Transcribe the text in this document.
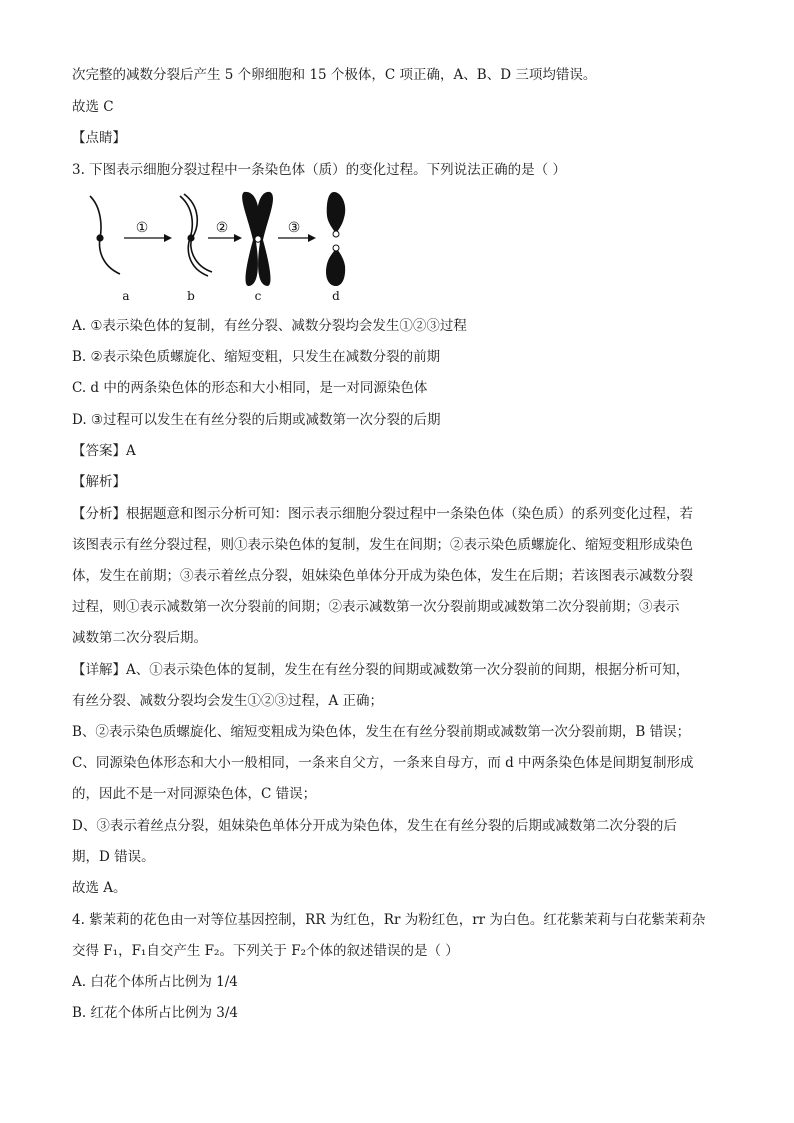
次完整的减数分裂后产生 5 个卵细胞和 15 个极体，C 项正确，A、B、D 三项均错误。
故选 C
【点睛】
3. 下图表示细胞分裂过程中一条染色体（质）的变化过程。下列说法正确的是（ ）
①	②	③
a	b	c	d
A. ①表示染色体的复制，有丝分裂、减数分裂均会发生①②③过程
B. ②表示染色质螺旋化、缩短变粗，只发生在减数分裂的前期
C. d 中的两条染色体的形态和大小相同，是一对同源染色体
D. ③过程可以发生在有丝分裂的后期或减数第一次分裂的后期
【答案】A
【解析】
【分析】根据题意和图示分析可知：图示表示细胞分裂过程中一条染色体（染色质）的系列变化过程，若
该图表示有丝分裂过程，则①表示染色体的复制，发生在间期；②表示染色质螺旋化、缩短变粗形成染色
体，发生在前期；③表示着丝点分裂，姐妹染色单体分开成为染色体，发生在后期；若该图表示减数分裂
过程，则①表示减数第一次分裂前的间期；②表示减数第一次分裂前期或减数第二次分裂前期；③表示
减数第二次分裂后期。
【详解】A、①表示染色体的复制，发生在有丝分裂的间期或减数第一次分裂前的间期，根据分析可知，
有丝分裂、减数分裂均会发生①②③过程，A 正确；
B、②表示染色质螺旋化、缩短变粗成为染色体，发生在有丝分裂前期或减数第一次分裂前期，B 错误；
C、同源染色体形态和大小一般相同，一条来自父方，一条来自母方，而 d 中两条染色体是间期复制形成
的，因此不是一对同源染色体，C 错误；
D、③表示着丝点分裂，姐妹染色单体分开成为染色体，发生在有丝分裂的后期或减数第二次分裂的后
期，D 错误。
故选 A。
4. 紫茉莉的花色由一对等位基因控制，RR 为红色，Rr 为粉红色，rr 为白色。红花紫茉莉与白花紫茉莉杂
交得 F₁，F₁自交产生 F₂。下列关于 F₂个体的叙述错误的是（ ）
A. 白花个体所占比例为 1/4
B. 红花个体所占比例为 3/4
